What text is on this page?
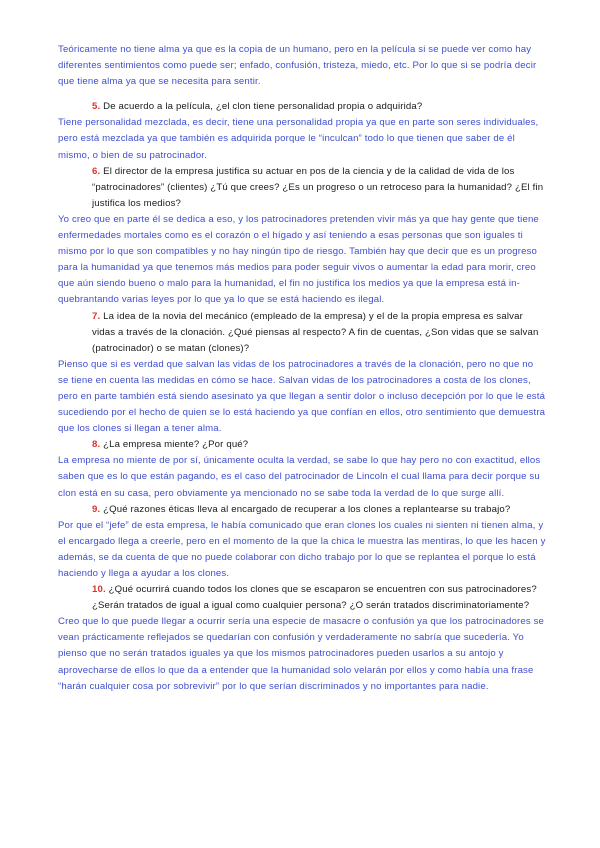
Teóricamente no tiene alma ya que es la copia de un humano, pero en la película si se puede ver como hay diferentes sentimientos como puede ser; enfado, confusión, tristeza, miedo, etc. Por lo que si se podría decir que tiene alma ya que se necesita para sentir.

5. De acuerdo a la película, ¿el clon tiene personalidad propia o adquirida?

Tiene personalidad mezclada, es decir, tiene una personalidad propia ya que en parte son seres individuales, pero está mezclada ya que también es adquirida porque le “inculcan” todo lo que tienen que saber de él mismo, o bien de su patrocinador.

6. El director de la empresa justifica su actuar en pos de la ciencia y de la calidad de vida de los “patrocinadores” (clientes) ¿Tú que crees? ¿Es un progreso o un retroceso para la humanidad? ¿El fin justifica los medios?

Yo creo que en parte él se dedica a eso, y los patrocinadores pretenden vivir más ya que hay gente que tiene enfermedades mortales como es el corazón o el hígado y así teniendo a esas personas que son iguales ti mismo por lo que son compatibles y no hay ningún tipo de riesgo. También hay que decir que es un progreso para la humanidad ya que tenemos más medios para poder seguir vivos o aumentar la edad para morir, creo que aún siendo bueno o malo para la humanidad, el fin no justifica los medios ya que la empresa está in-quebrantando varias leyes por lo que ya lo que se está haciendo es ilegal.

7. La idea de la novia del mecánico (empleado de la empresa) y el de la propia empresa es salvar vidas a través de la clonación. ¿Qué piensas al respecto? A fin de cuentas, ¿Son vidas que se salvan (patrocinador) o se matan (clones)?

Pienso que si es verdad que salvan las vidas de los patrocinadores a través de la clonación, pero no que no se tiene en cuenta las medidas en cómo se hace. Salvan vidas de los patrocinadores a costa de los clones, pero en parte también está siendo asesinato ya que llegan a sentir dolor o incluso decepción por lo que le está sucediendo por el hecho de quien se lo está haciendo ya que confían en ellos, otro sentimiento que demuestra que los clones si llegan a tener alma.

8. ¿La empresa miente? ¿Por qué?

La empresa no miente de por sí, únicamente oculta la verdad, se sabe lo que hay pero no con exactitud, ellos saben que es lo que están pagando, es el caso del patrocinador de Lincoln el cual llama para decir porque su clon está en su casa, pero obviamente ya mencionado no se sabe toda la verdad de lo que surge allí.

9. ¿Qué razones éticas lleva al encargado de recuperar a los clones a replantearse su trabajo?

Por que el “jefe” de esta empresa, le había comunicado que eran clones los cuales ni sienten ni tienen alma, y el encargado llega a creerle, pero en el momento de la que la chica le muestra las mentiras, lo que les hacen y además, se da cuenta de que no puede colaborar con dicho trabajo por lo que se replantea el porque lo está haciendo y llega a ayudar a los clones.

10. ¿Qué ocurrirá cuando todos los clones que se escaparon se encuentren con sus patrocinadores? ¿Serán tratados de igual a igual como cualquier persona? ¿O serán tratados discriminatoriamente?

Creo que lo que puede llegar a ocurrir sería una especie de masacre o confusión ya que los patrocinadores se vean prácticamente reflejados se quedarían con confusión y verdaderamente no sabría que sucedería. Yo pienso que no serán tratados iguales ya que los mismos patrocinadores pueden usarlos a su antojo y aprovecharse de ellos lo que da a entender que la humanidad solo velarán por ellos y como había una frase “harán cualquier cosa por sobrevivir” por lo que serían discriminados y no importantes para nadie.
